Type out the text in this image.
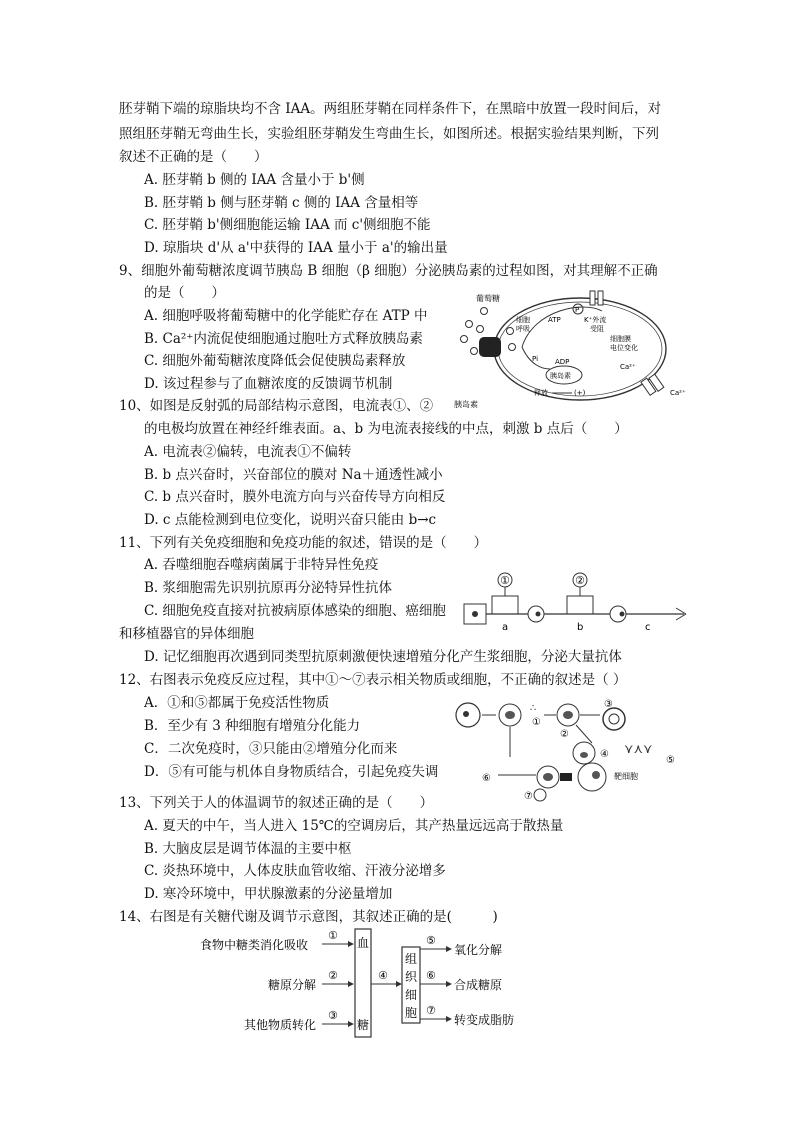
胚芽鞘下端的琼脂块均不含 IAA。两组胚芽鞘在同样条件下，在黑暗中放置一段时间后，对
照组胚芽鞘无弯曲生长，实验组胚芽鞘发生弯曲生长，如图所述。根据实验结果判断，下列
叙述不正确的是（　　）
A. 胚芽鞘 b 侧的 IAA 含量小于 b'侧
B. 胚芽鞘 b 侧与胚芽鞘 c 侧的 IAA 含量相等
C. 胚芽鞘 b'侧细胞能运输 IAA 而 c'侧细胞不能
D. 琼脂块 d'从 a'中获得的 IAA 量小于 a'的输出量
9、细胞外葡萄糖浓度调节胰岛 B 细胞（β 细胞）分泌胰岛素的过程如图，对其理解不正确
的是（　　）
A. 细胞呼吸将葡萄糖中的化学能贮存在 ATP 中
B. Ca²⁺内流促使细胞通过胞吐方式释放胰岛素
C. 细胞外葡萄糖浓度降低会促使胰岛素释放
D. 该过程参与了血糖浓度的反馈调节机制
葡萄糖
细胞
呼吸
ATP
ADP
Pi
P
K⁺外流
受阻
细胞膜
电位变化
Ca²⁺
Ca²⁺
胰岛素
释放	(+)
胰岛素
10、如图是反射弧的局部结构示意图，电流表①、②
的电极均放置在神经纤维表面。a、b 为电流表接线的中点，刺激 b 点后（　　）
A. 电流表②偏转，电流表①不偏转
B. b 点兴奋时，兴奋部位的膜对 Na＋通透性减小
C. b 点兴奋时，膜外电流方向与兴奋传导方向相反
D. c 点能检测到电位变化，说明兴奋只能由 b→c
11、下列有关免疫细胞和免疫功能的叙述，错误的是（　　）
A. 吞噬细胞吞噬病菌属于非特异性免疫
B. 浆细胞需先识别抗原再分泌特异性抗体
C. 细胞免疫直接对抗被病原体感染的细胞、癌细胞
和移植器官的异体细胞
D. 记忆细胞再次遇到同类型抗原刺激便快速增殖分化产生浆细胞，分泌大量抗体
①	②
a	b	c
12、右图表示免疫反应过程，其中①～⑦表示相关物质或细胞，不正确的叙述是（ ）
A．①和⑤都属于免疫活性物质
B．至少有 3 种细胞有增殖分化能力
C．二次免疫时，③只能由②增殖分化而来
D．⑤有可能与机体自身物质结合，引起免疫失调
∴
①
②
③
④ ⋎⋏⋎
⑤
⑥
⑦
靶细胞
13、下列关于人的体温调节的叙述正确的是（　　）
A. 夏天的中午，当人进入 15℃的空调房后，其产热量远远高于散热量
B. 大脑皮层是调节体温的主要中枢
C. 炎热环境中，人体皮肤血管收缩、汗液分泌增多
D. 寒冷环境中，甲状腺激素的分泌量增加
14、右图是有关糖代谢及调节示意图，其叙述正确的是(　　　)
食物中糖类消化吸收
糖原分解
其他物质转化
①
②
③
血
糖
④
组
织
细
胞
⑤
⑥
⑦
氧化分解
合成糖原
转变成脂肪
